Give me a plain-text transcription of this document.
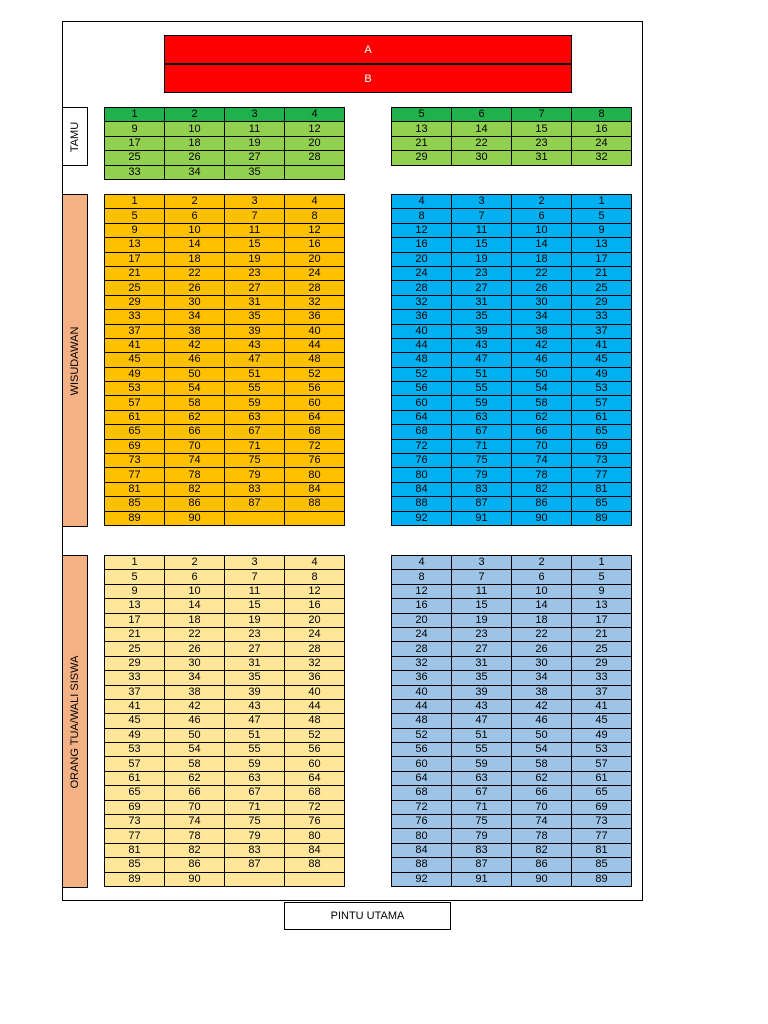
A
B
TAMU
WISUDAWAN
ORANG TUA/WALI SISWA
1	2	3	4
9	10	11	12
17	18	19	20
25	26	27	28
33	34	35	
5	6	7	8
13	14	15	16
21	22	23	24
29	30	31	32
1	2	3	4
5	6	7	8
9	10	11	12
13	14	15	16
17	18	19	20
21	22	23	24
25	26	27	28
29	30	31	32
33	34	35	36
37	38	39	40
41	42	43	44
45	46	47	48
49	50	51	52
53	54	55	56
57	58	59	60
61	62	63	64
65	66	67	68
69	70	71	72
73	74	75	76
77	78	79	80
81	82	83	84
85	86	87	88
89	90		
4	3	2	1
8	7	6	5
12	11	10	9
16	15	14	13
20	19	18	17
24	23	22	21
28	27	26	25
32	31	30	29
36	35	34	33
40	39	38	37
44	43	42	41
48	47	46	45
52	51	50	49
56	55	54	53
60	59	58	57
64	63	62	61
68	67	66	65
72	71	70	69
76	75	74	73
80	79	78	77
84	83	82	81
88	87	86	85
92	91	90	89
1	2	3	4
5	6	7	8
9	10	11	12
13	14	15	16
17	18	19	20
21	22	23	24
25	26	27	28
29	30	31	32
33	34	35	36
37	38	39	40
41	42	43	44
45	46	47	48
49	50	51	52
53	54	55	56
57	58	59	60
61	62	63	64
65	66	67	68
69	70	71	72
73	74	75	76
77	78	79	80
81	82	83	84
85	86	87	88
89	90		
4	3	2	1
8	7	6	5
12	11	10	9
16	15	14	13
20	19	18	17
24	23	22	21
28	27	26	25
32	31	30	29
36	35	34	33
40	39	38	37
44	43	42	41
48	47	46	45
52	51	50	49
56	55	54	53
60	59	58	57
64	63	62	61
68	67	66	65
72	71	70	69
76	75	74	73
80	79	78	77
84	83	82	81
88	87	86	85
92	91	90	89
PINTU UTAMA
